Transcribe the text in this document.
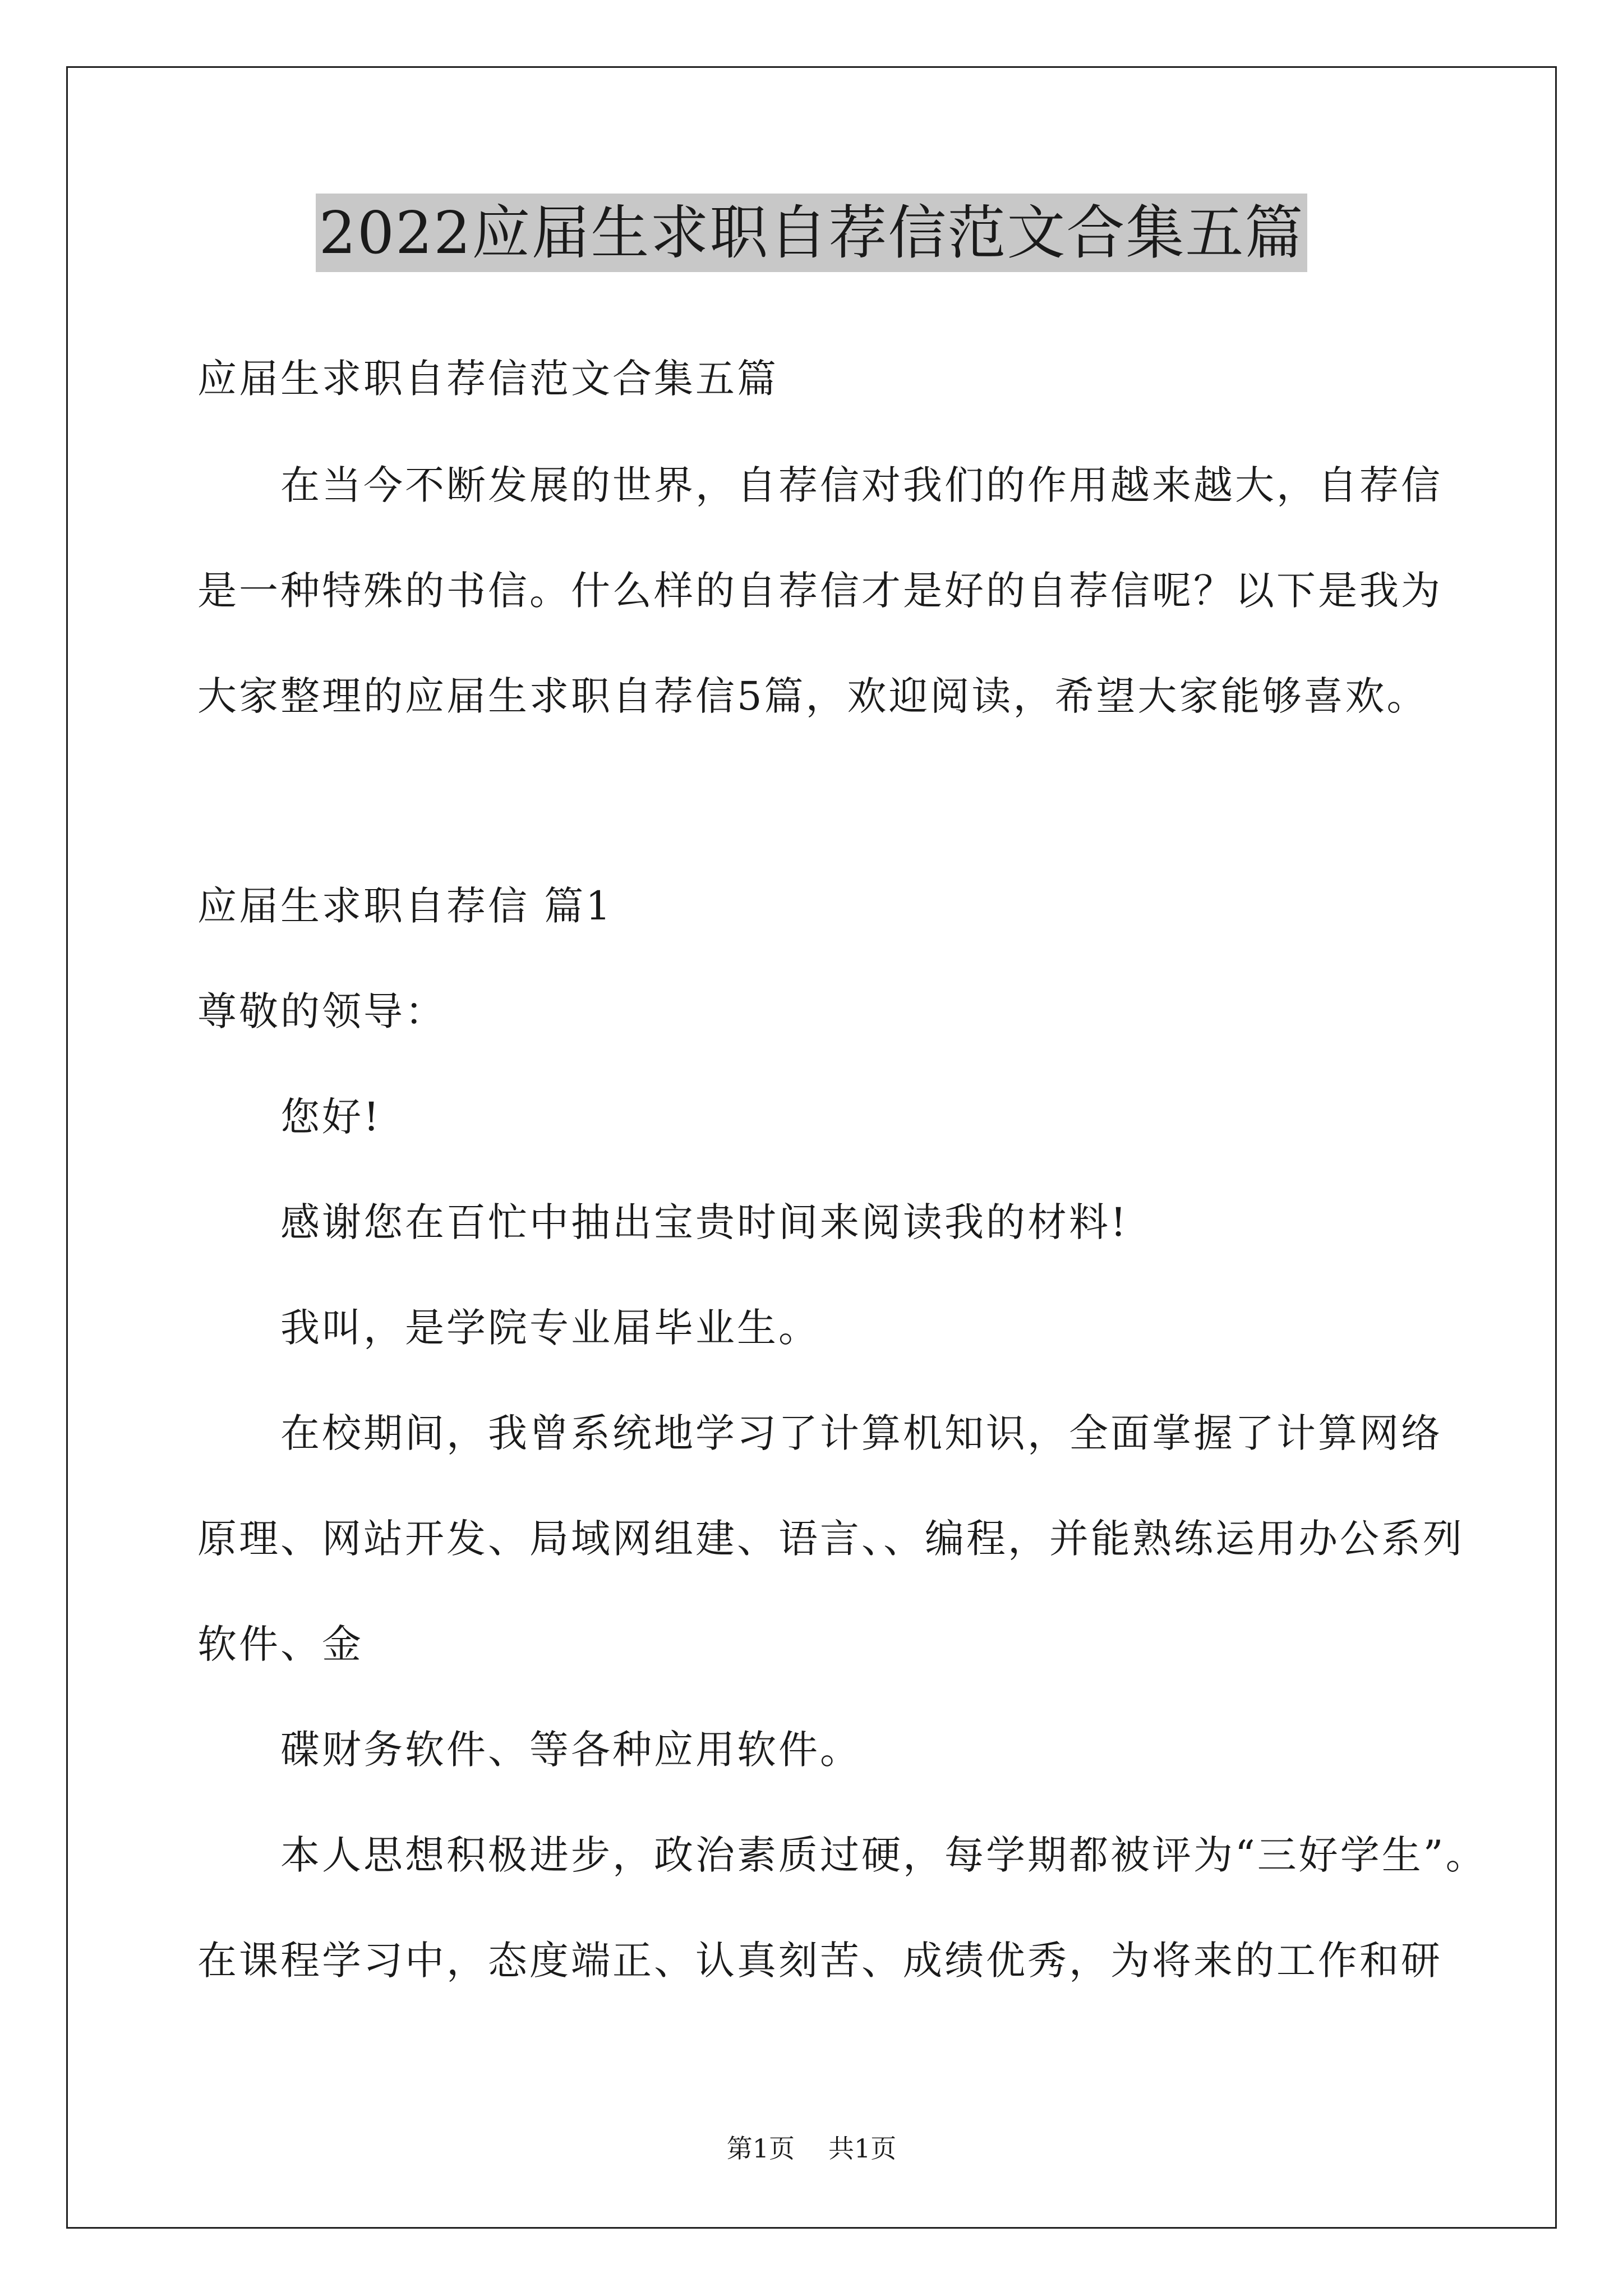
2022应届生求职自荐信范文合集五篇
应届生求职自荐信范文合集五篇
在当今不断发展的世界，自荐信对我们的作用越来越大，自荐信
是一种特殊的书信。什么样的自荐信才是好的自荐信呢？以下是我为
大家整理的应届生求职自荐信5篇，欢迎阅读，希望大家能够喜欢。
应届生求职自荐信 篇1
尊敬的领导：
您好!
感谢您在百忙中抽出宝贵时间来阅读我的材料!
我叫，是学院专业届毕业生。
在校期间，我曾系统地学习了计算机知识，全面掌握了计算网络
原理、网站开发、局域网组建、语言、、编程，并能熟练运用办公系列
软件、金
碟财务软件、等各种应用软件。
本人思想积极进步，政治素质过硬，每学期都被评为“三好学生”。
在课程学习中，态度端正、认真刻苦、成绩优秀，为将来的工作和研
第1页 共1页
